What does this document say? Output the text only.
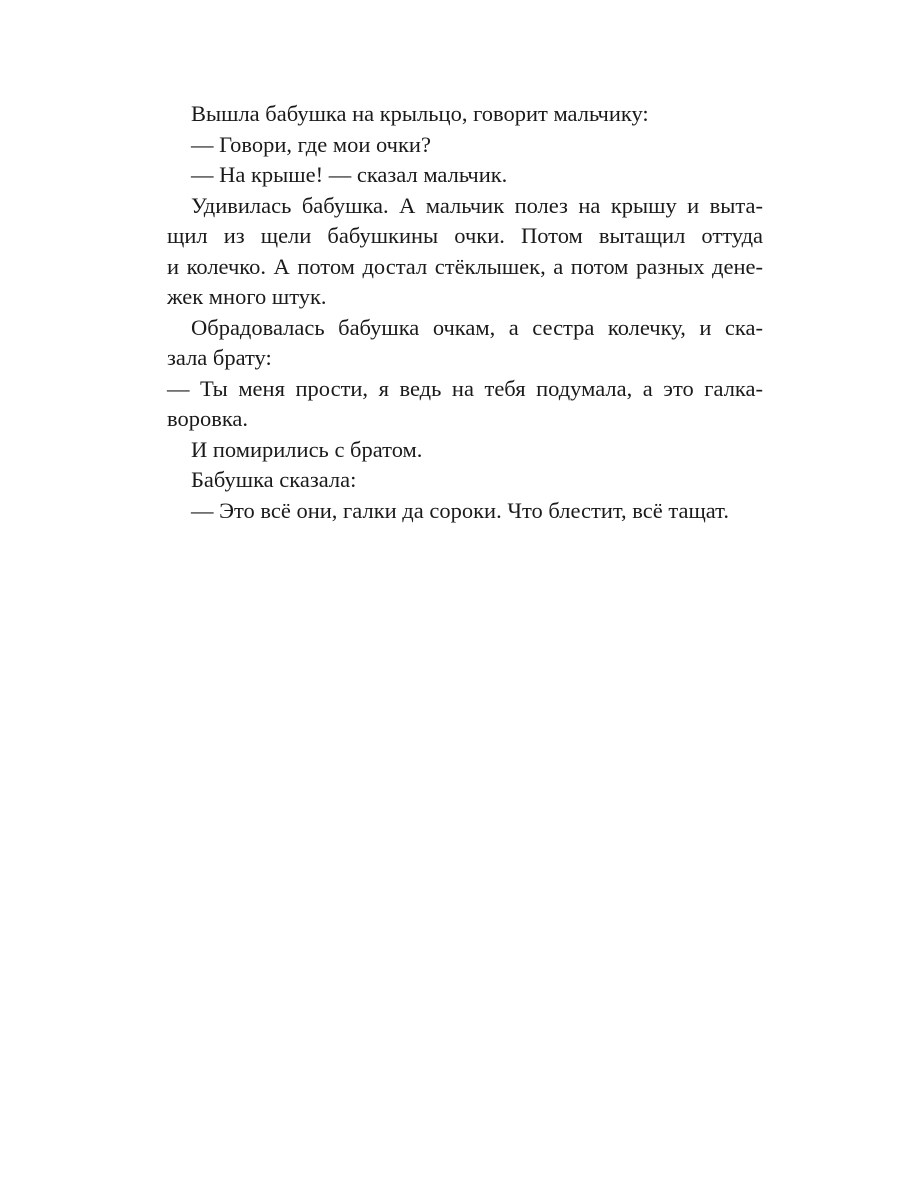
Вышла бабушка на крыльцо, говорит мальчику:
— Говори, где мои очки?
— На крыше! — сказал мальчик.
Удивилась бабушка. А мальчик полез на крышу и выта-
щил из щели бабушкины очки. Потом вытащил оттуда
и колечко. А потом достал стёклышек, а потом разных денe-
жек много штук.
Обрадовалась бабушка очкам, а сестра колечку, и ска-
зала брату:
— Ты меня прости, я ведь на тебя подумала, а это галка-
воровка.
И помирились с братом.
Бабушка сказала:
— Это всё они, галки да сороки. Что блестит, всё тащат.
